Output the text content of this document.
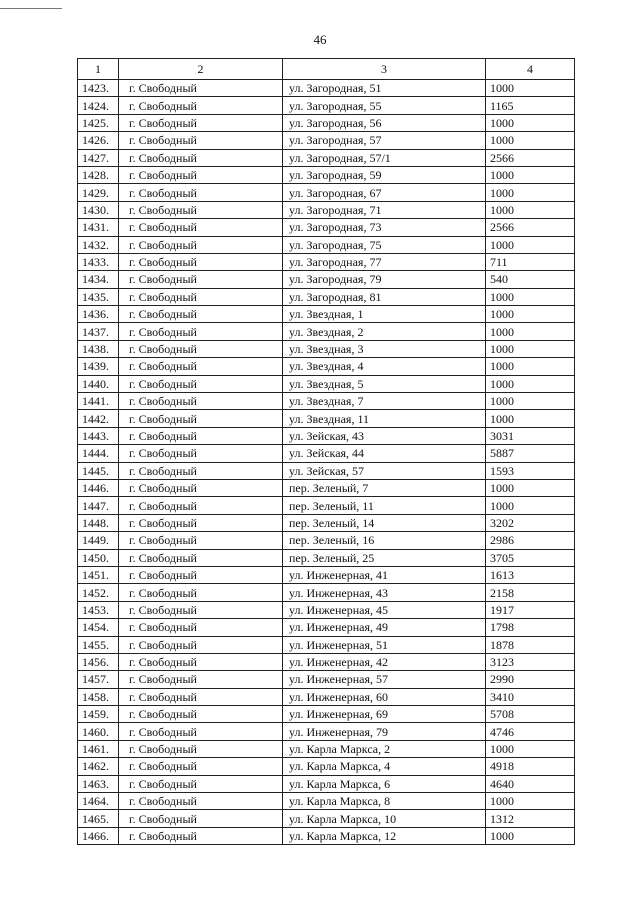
46
1	2	3	4
1423.	г. Свободный	ул. Загородная, 51	1000
1424.	г. Свободный	ул. Загородная, 55	1165
1425.	г. Свободный	ул. Загородная, 56	1000
1426.	г. Свободный	ул. Загородная, 57	1000
1427.	г. Свободный	ул. Загородная, 57/1	2566
1428.	г. Свободный	ул. Загородная, 59	1000
1429.	г. Свободный	ул. Загородная, 67	1000
1430.	г. Свободный	ул. Загородная, 71	1000
1431.	г. Свободный	ул. Загородная, 73	2566
1432.	г. Свободный	ул. Загородная, 75	1000
1433.	г. Свободный	ул. Загородная, 77	711
1434.	г. Свободный	ул. Загородная, 79	540
1435.	г. Свободный	ул. Загородная, 81	1000
1436.	г. Свободный	ул. Звездная, 1	1000
1437.	г. Свободный	ул. Звездная, 2	1000
1438.	г. Свободный	ул. Звездная, 3	1000
1439.	г. Свободный	ул. Звездная, 4	1000
1440.	г. Свободный	ул. Звездная, 5	1000
1441.	г. Свободный	ул. Звездная, 7	1000
1442.	г. Свободный	ул. Звездная, 11	1000
1443.	г. Свободный	ул. Зейская, 43	3031
1444.	г. Свободный	ул. Зейская, 44	5887
1445.	г. Свободный	ул. Зейская, 57	1593
1446.	г. Свободный	пер. Зеленый, 7	1000
1447.	г. Свободный	пер. Зеленый, 11	1000
1448.	г. Свободный	пер. Зеленый, 14	3202
1449.	г. Свободный	пер. Зеленый, 16	2986
1450.	г. Свободный	пер. Зеленый, 25	3705
1451.	г. Свободный	ул. Инженерная, 41	1613
1452.	г. Свободный	ул. Инженерная, 43	2158
1453.	г. Свободный	ул. Инженерная, 45	1917
1454.	г. Свободный	ул. Инженерная, 49	1798
1455.	г. Свободный	ул. Инженерная, 51	1878
1456.	г. Свободный	ул. Инженерная, 42	3123
1457.	г. Свободный	ул. Инженерная, 57	2990
1458.	г. Свободный	ул. Инженерная, 60	3410
1459.	г. Свободный	ул. Инженерная, 69	5708
1460.	г. Свободный	ул. Инженерная, 79	4746
1461.	г. Свободный	ул. Карла Маркса, 2	1000
1462.	г. Свободный	ул. Карла Маркса, 4	4918
1463.	г. Свободный	ул. Карла Маркса, 6	4640
1464.	г. Свободный	ул. Карла Маркса, 8	1000
1465.	г. Свободный	ул. Карла Маркса, 10	1312
1466.	г. Свободный	ул. Карла Маркса, 12	1000
